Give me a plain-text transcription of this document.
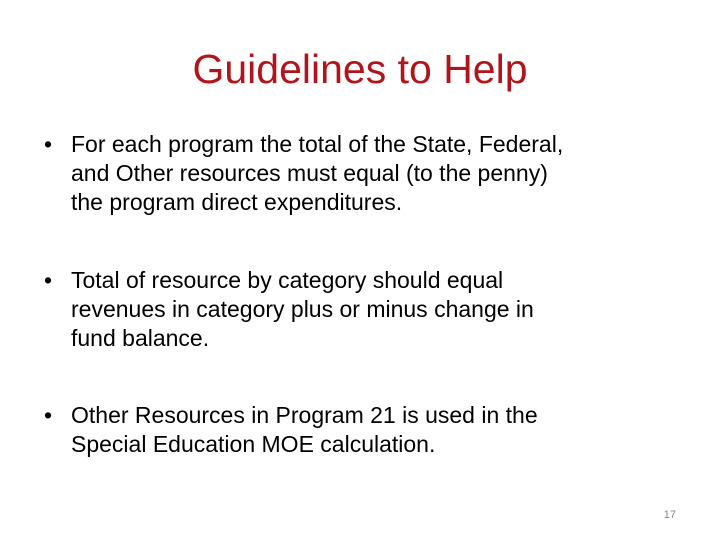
Guidelines to Help
• For each program the total of the State, Federal,
and Other resources must equal (to the penny)
the program direct expenditures.
• Total of resource by category should equal
revenues in category plus or minus change in
fund balance.
• Other Resources in Program 21 is used in the
Special Education MOE calculation.
17
